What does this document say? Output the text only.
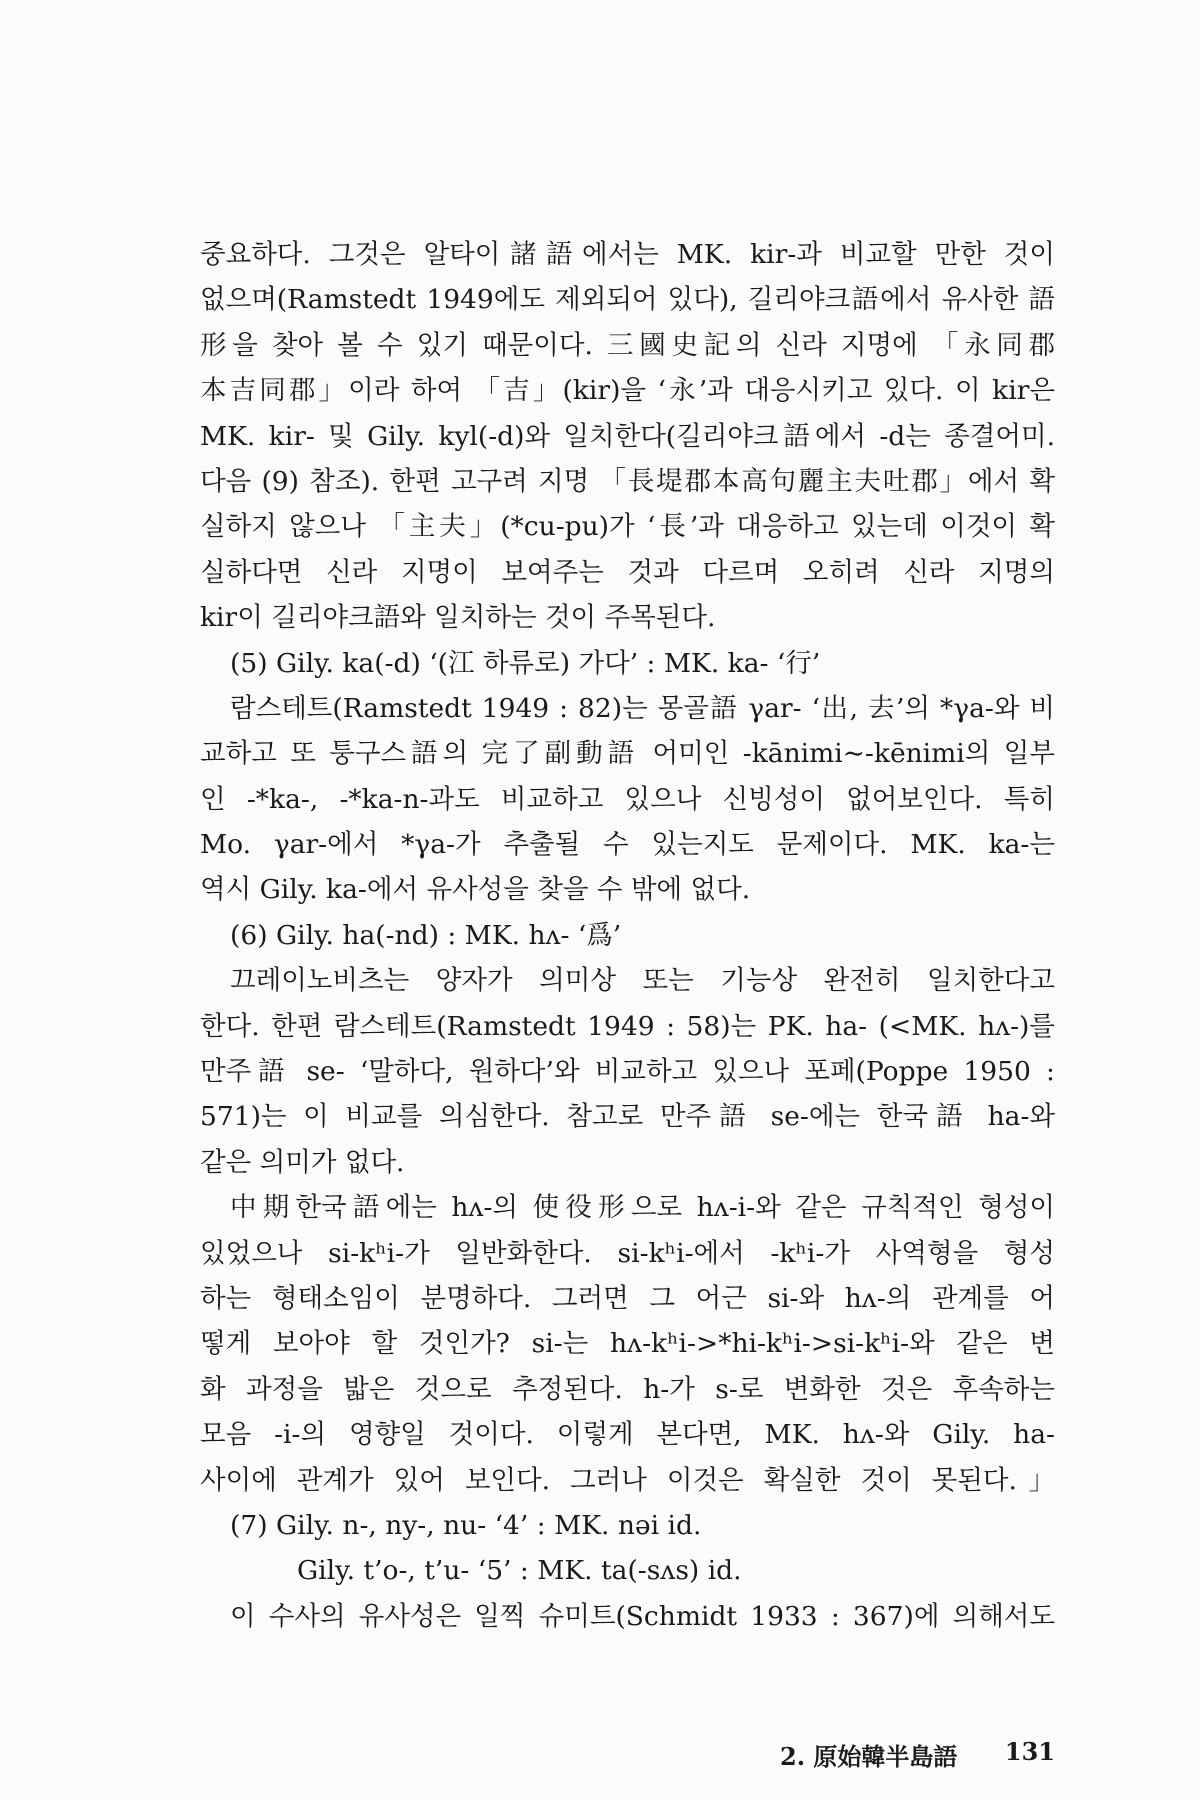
중요하다. 그것은 알타이諸語에서는 MK. kir-과 비교할 만한 것이
없으며(Ramstedt 1949에도 제외되어 있다), 길리야크語에서 유사한 語
形을 찾아 볼 수 있기 때문이다. 三國史記의 신라 지명에 「永同郡
本吉同郡」이라 하여 「吉」(kir)을 ‘永’과 대응시키고 있다. 이 kir은
MK. kir- 및 Gily. kyl(-d)와 일치한다(길리야크語에서 -d는 종결어미.
다음 (9) 참조). 한편 고구려 지명 「長堤郡本高句麗主夫吐郡」에서 확
실하지 않으나 「主夫」(*cu-pu)가 ‘長’과 대응하고 있는데 이것이 확
실하다면 신라 지명이 보여주는 것과 다르며 오히려 신라 지명의
kir이 길리야크語와 일치하는 것이 주목된다.
(5) Gily. ka(-d) ‘(江 하류로) 가다’ : MK. ka- ‘行’
람스테트(Ramstedt 1949 : 82)는 몽골語 γar- ‘出, 去’의 *γa-와 비
교하고 또 퉁구스語의 完了副動語 어미인 -kānimi∼-kēnimi의 일부
인 -*ka-, -*ka-n-과도 비교하고 있으나 신빙성이 없어보인다. 특히
Mo. γar-에서 *γa-가 추출될 수 있는지도 문제이다. MK. ka-는
역시 Gily. ka-에서 유사성을 찾을 수 밖에 없다.
(6) Gily. ha(-nd) : MK. hʌ- ‘爲’
끄레이노비츠는 양자가 의미상 또는 기능상 완전히 일치한다고
한다. 한편 람스테트(Ramstedt 1949 : 58)는 PK. ha- (<MK. hʌ-)를
만주語 se- ‘말하다, 원하다’와 비교하고 있으나 포페(Poppe 1950 :
571)는 이 비교를 의심한다. 참고로 만주語 se-에는 한국語 ha-와
같은 의미가 없다.
中期한국語에는 hʌ-의 使役形으로 hʌ-i-와 같은 규칙적인 형성이
있었으나 si-kʰi-가 일반화한다. si-kʰi-에서 -kʰi-가 사역형을 형성
하는 형태소임이 분명하다. 그러면 그 어근 si-와 hʌ-의 관계를 어
떻게 보아야 할 것인가? si-는 hʌ-kʰi->*hi-kʰi->si-kʰi-와 같은 변
화 과정을 밟은 것으로 추정된다. h-가 s-로 변화한 것은 후속하는
모음 -i-의 영향일 것이다. 이렇게 본다면, MK. hʌ-와 Gily. ha-
사이에 관계가 있어 보인다. 그러나 이것은 확실한 것이 못된다.」
(7) Gily. n-, ny-, nu- ‘4’ : MK. nəi id.
Gily. t’o-, t’u- ‘5’ : MK. ta(-sʌs) id.
이 수사의 유사성은 일찍 슈미트(Schmidt 1933 : 367)에 의해서도
2. 原始韓半島語 131
